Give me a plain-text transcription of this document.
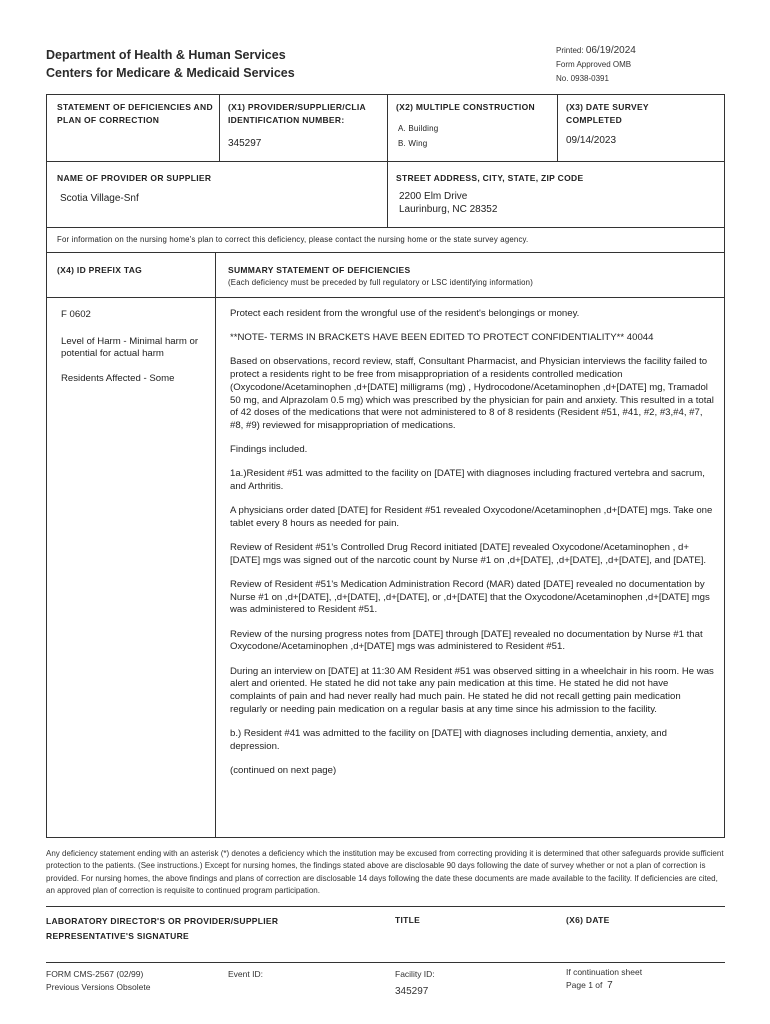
Department of Health & Human Services
Centers for Medicare & Medicaid Services
Printed: 06/19/2024
Form Approved OMB
No. 0938-0391
STATEMENT OF DEFICIENCIES AND PLAN OF CORRECTION
(X1) PROVIDER/SUPPLIER/CLIA IDENTIFICATION NUMBER:
345297
(X2) MULTIPLE CONSTRUCTION
A. Building
B. Wing
(X3) DATE SURVEY COMPLETED
09/14/2023
NAME OF PROVIDER OR SUPPLIER
Scotia Village-Snf
STREET ADDRESS, CITY, STATE, ZIP CODE
2200 Elm Drive
Laurinburg, NC 28352
For information on the nursing home's plan to correct this deficiency, please contact the nursing home or the state survey agency.
(X4) ID PREFIX TAG	SUMMARY STATEMENT OF DEFICIENCIES
(Each deficiency must be preceded by full regulatory or LSC identifying information)

F 0602

Level of Harm - Minimal harm or potential for actual harm

Residents Affected - Some

Protect each resident from the wrongful use of the resident's belongings or money.

**NOTE- TERMS IN BRACKETS HAVE BEEN EDITED TO PROTECT CONFIDENTIALITY** 40044

Based on observations, record review, staff, Consultant Pharmacist, and Physician interviews the facility failed to protect a residents right to be free from misappropriation of a residents controlled medication (Oxycodone/Acetaminophen ,d+[DATE] milligrams (mg) , Hydrocodone/Acetaminophen ,d+[DATE] mg, Tramadol 50 mg, and Alprazolam 0.5 mg) which was prescribed by the physician for pain and anxiety. This resulted in a total of 42 doses of the medications that were not administered to 8 of 8 residents (Resident #51, #41, #2, #3,#4, #7, #8, #9) reviewed for misappropriation of medications.

Findings included.

1a.)Resident #51 was admitted to the facility on [DATE] with diagnoses including fractured vertebra and sacrum, and Arthritis.

A physicians order dated [DATE] for Resident #51 revealed Oxycodone/Acetaminophen ,d+[DATE] mgs. Take one tablet every 8 hours as needed for pain.

Review of Resident #51's Controlled Drug Record initiated [DATE] revealed Oxycodone/Acetaminophen , d+[DATE] mgs was signed out of the narcotic count by Nurse #1 on ,d+[DATE], ,d+[DATE], ,d+[DATE], and [DATE].

Review of Resident #51's Medication Administration Record (MAR) dated [DATE] revealed no documentation by Nurse #1 on ,d+[DATE], ,d+[DATE], ,d+[DATE], or ,d+[DATE] that the Oxycodone/Acetaminophen ,d+[DATE] mgs was administered to Resident #51.

Review of the nursing progress notes from [DATE] through [DATE] revealed no documentation by Nurse #1 that Oxycodone/Acetaminophen ,d+[DATE] mgs was administered to Resident #51.

During an interview on [DATE] at 11:30 AM Resident #51 was observed sitting in a wheelchair in his room. He was alert and oriented. He stated he did not take any pain medication at this time. He stated he did not have complaints of pain and had never really had much pain. He stated he did not recall getting pain medication regularly or needing pain medication on a regular basis at any time since his admission to the facility.

b.) Resident #41 was admitted to the facility on [DATE] with diagnoses including dementia, anxiety, and depression.

(continued on next page)

Any deficiency statement ending with an asterisk (*) denotes a deficiency which the institution may be excused from correcting providing it is determined that other safeguards provide sufficient protection to the patients. (See instructions.) Except for nursing homes, the findings stated above are disclosable 90 days following the date of survey whether or not a plan of correction is provided. For nursing homes, the above findings and plans of correction are disclosable 14 days following the date these documents are made available to the facility. If deficiencies are cited, an approved plan of correction is requisite to continued program participation.
LABORATORY DIRECTOR'S OR PROVIDER/SUPPLIER REPRESENTATIVE'S SIGNATURE
TITLE	(X6) DATE
FORM CMS-2567 (02/99)
Previous Versions Obsolete
Event ID:	Facility ID:
345297
If continuation sheet
Page 1 of 7
